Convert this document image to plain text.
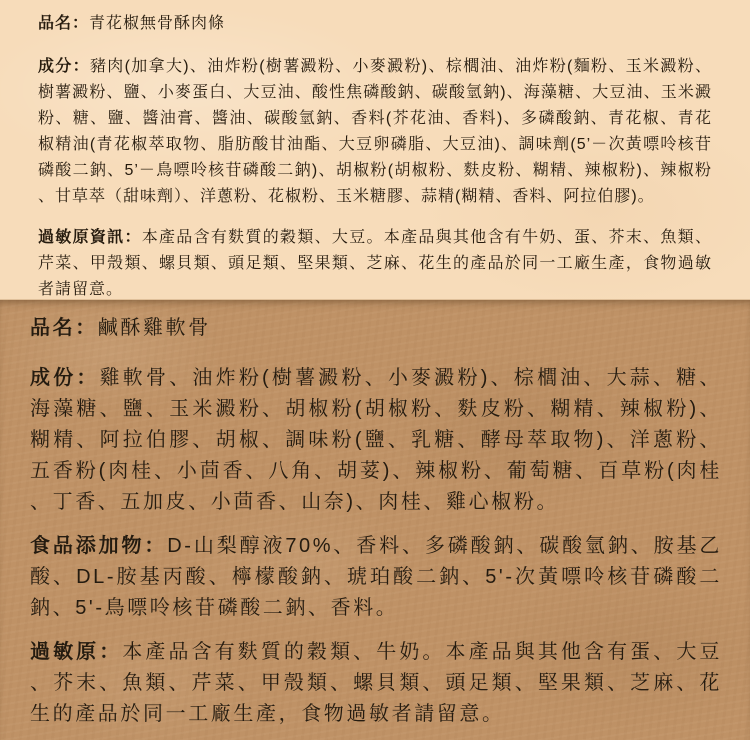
品名：青花椒無骨酥肉條

成分：豬肉(加拿大)、油炸粉(樹薯澱粉、小麥澱粉)、棕櫚油、油炸粉(麵粉、玉米澱粉、樹薯澱粉、鹽、小麥蛋白、大豆油、酸性焦磷酸鈉、碳酸氫鈉)、海藻糖、大豆油、玉米澱粉、糖、鹽、醬油膏、醬油、碳酸氫鈉、香料(芥花油、香料)、多磷酸鈉、青花椒、青花椒精油(青花椒萃取物、脂肪酸甘油酯、大豆卵磷脂、大豆油)、調味劑(5’－次黃嘌呤核苷磷酸二鈉、5’－鳥嘌呤核苷磷酸二鈉)、胡椒粉(胡椒粉、麩皮粉、糊精、辣椒粉)、辣椒粉、甘草萃（甜味劑）、洋蔥粉、花椒粉、玉米糖膠、蒜精(糊精、香料、阿拉伯膠)。

過敏原資訊：本產品含有麩質的穀類、大豆。本產品與其他含有牛奶、蛋、芥末、魚類、芹菜、甲殼類、螺貝類、頭足類、堅果類、芝麻、花生的產品於同一工廠生產，食物過敏者請留意。

品名：鹹酥雞軟骨

成份：雞軟骨、油炸粉(樹薯澱粉、小麥澱粉)、棕櫚油、大蒜、糖、海藻糖、鹽、玉米澱粉、胡椒粉(胡椒粉、麩皮粉、糊精、辣椒粉)、糊精、阿拉伯膠、胡椒、調味粉(鹽、乳糖、酵母萃取物)、洋蔥粉、五香粉(肉桂、小茴香、八角、胡荽)、辣椒粉、葡萄糖、百草粉(肉桂、丁香、五加皮、小茴香、山奈)、肉桂、雞心椒粉。

食品添加物：D-山梨醇液70%、香料、多磷酸鈉、碳酸氫鈉、胺基乙酸、DL-胺基丙酸、檸檬酸鈉、琥珀酸二鈉、5'-次黃嘌呤核苷磷酸二鈉、5'-鳥嘌呤核苷磷酸二鈉、香料。

過敏原：本產品含有麩質的穀類、牛奶。本產品與其他含有蛋、大豆、芥末、魚類、芹菜、甲殼類、螺貝類、頭足類、堅果類、芝麻、花生的產品於同一工廠生產，食物過敏者請留意。
